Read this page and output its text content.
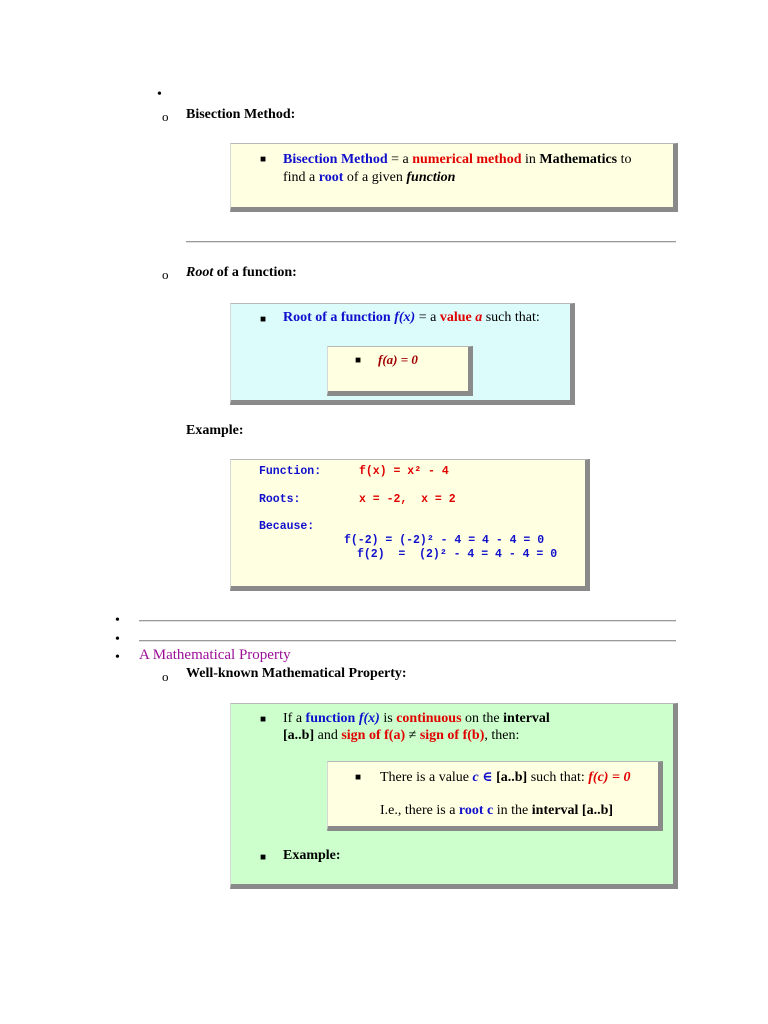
•
o Bisection Method:
■ Bisection Method = a numerical method in Mathematics to
find a root of a given function
o Root of a function:
■ Root of a function f(x) = a value a such that:
■ f(a) = 0
Example:
Function:	f(x) = x² - 4
Roots:	x = -2,  x = 2
Because:
f(-2) = (-2)² - 4 = 4 - 4 = 0
f(2)  =  (2)² - 4 = 4 - 4 = 0
•
•
• A Mathematical Property
o Well-known Mathematical Property:
■ If a function f(x) is continuous on the interval
[a..b] and sign of f(a) ≠ sign of f(b), then:
■ There is a value c ∈ [a..b] such that: f(c) = 0
I.e., there is a root c in the interval [a..b]
■ Example:
